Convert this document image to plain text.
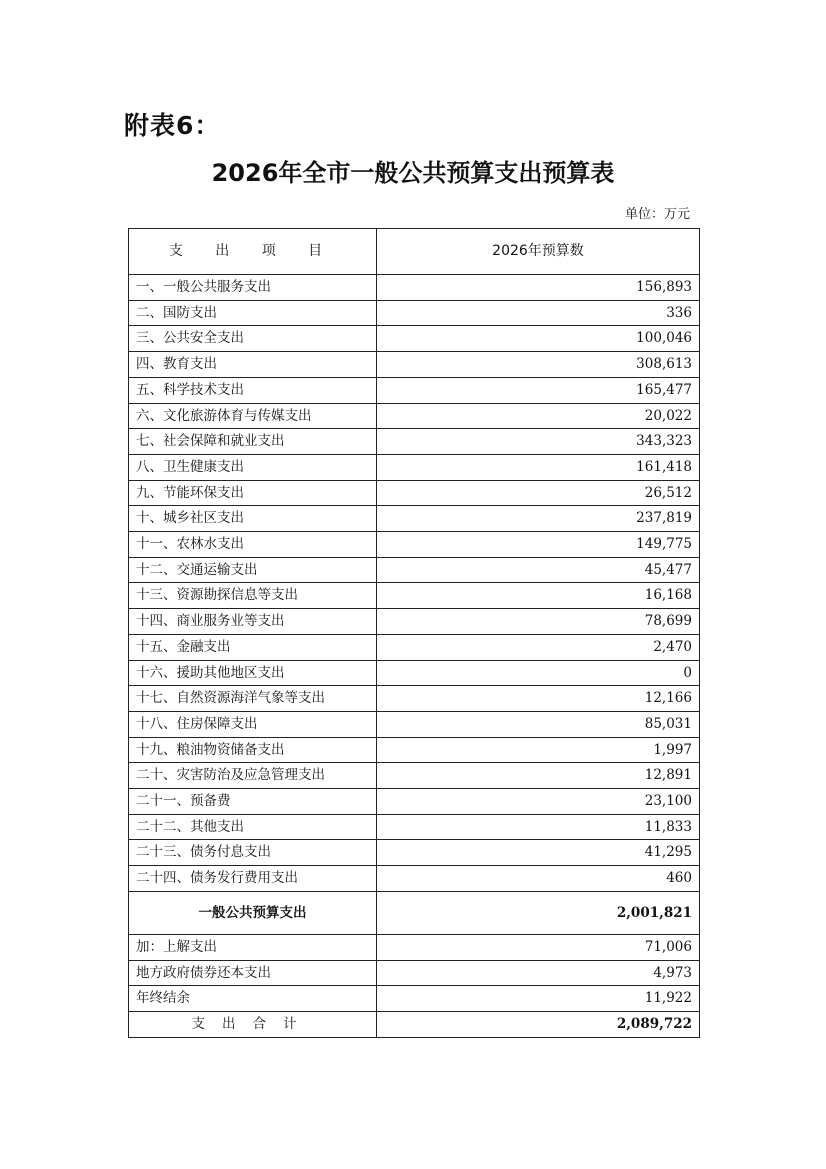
附表6：
2026年全市一般公共预算支出预算表
单位：万元
支 出 项 目	2026年预算数
一、一般公共服务支出	156,893
二、国防支出	336
三、公共安全支出	100,046
四、教育支出	308,613
五、科学技术支出	165,477
六、文化旅游体育与传媒支出	20,022
七、社会保障和就业支出	343,323
八、卫生健康支出	161,418
九、节能环保支出	26,512
十、城乡社区支出	237,819
十一、农林水支出	149,775
十二、交通运输支出	45,477
十三、资源勘探信息等支出	16,168
十四、商业服务业等支出	78,699
十五、金融支出	2,470
十六、援助其他地区支出	0
十七、自然资源海洋气象等支出	12,166
十八、住房保障支出	85,031
十九、粮油物资储备支出	1,997
二十、灾害防治及应急管理支出	12,891
二十一、预备费	23,100
二十二、其他支出	11,833
二十三、债务付息支出	41,295
二十四、债务发行费用支出	460
一般公共预算支出	2,001,821
加：上解支出	71,006
地方政府债券还本支出	4,973
年终结余	11,922
支出合计	2,089,722
